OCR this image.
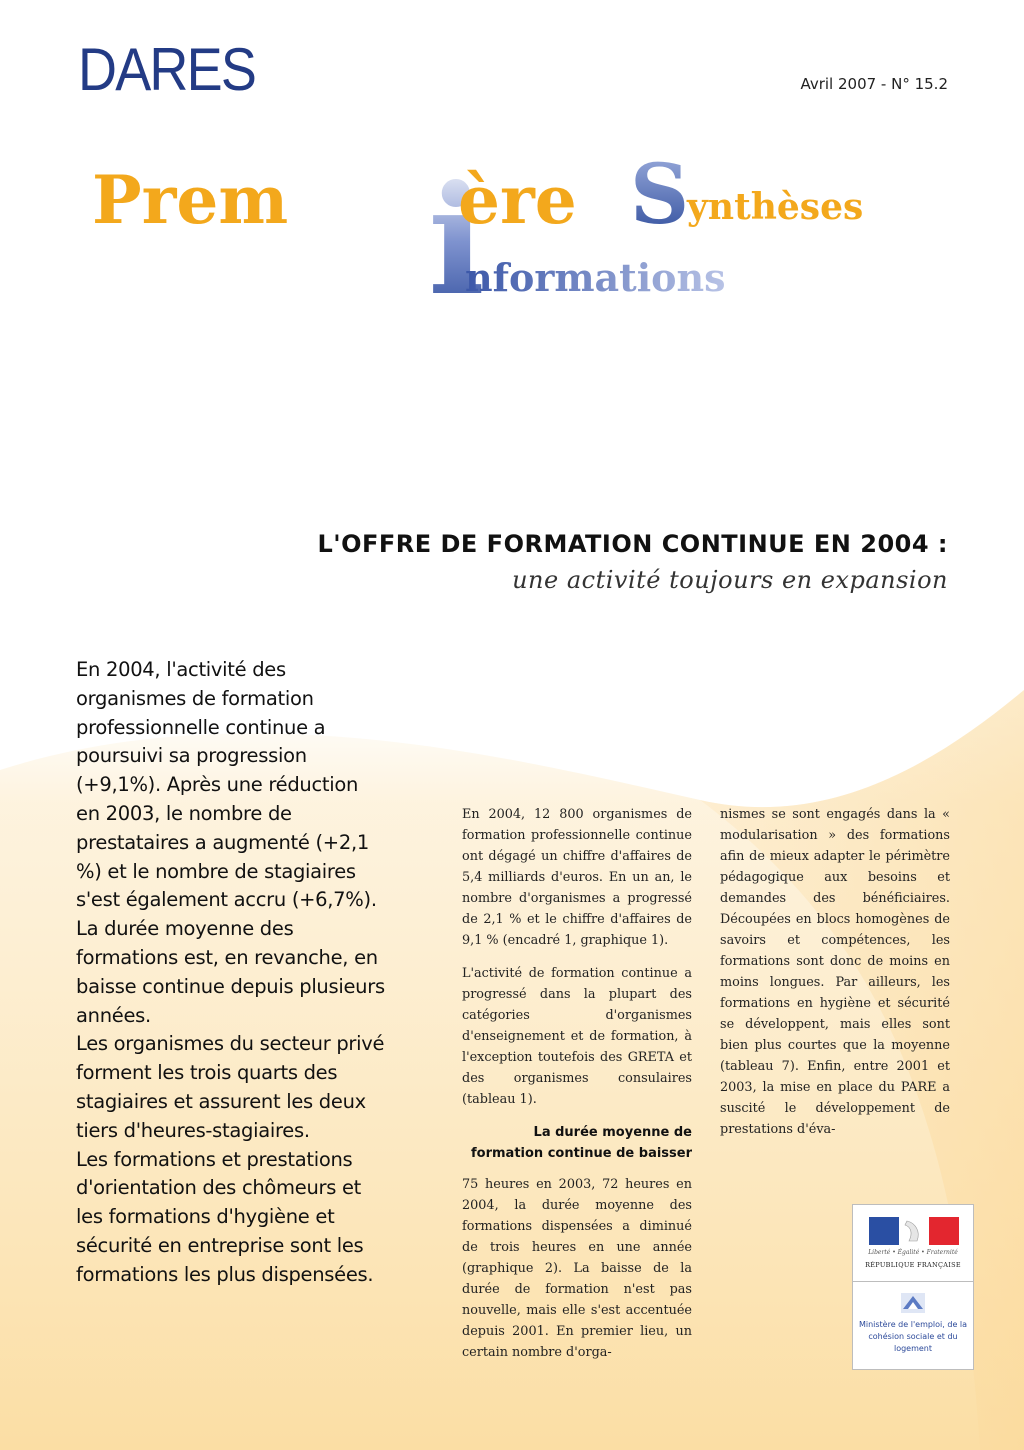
DARES	Avril 2007 - N° 15.2
Prem i
ère S
ynthèses
nformations
L'OFFRE DE FORMATION CONTINUE EN 2004 :
une activité toujours en expansion

En 2004, l'activité des organismes de formation professionnelle continue a poursuivi sa progression (+9,1%). Après une réduction en 2003, le nombre de prestataires a augmenté (+2,1 %) et le nombre de stagiaires s'est également accru (+6,7%).

La durée moyenne des formations est, en revanche, en baisse continue depuis plusieurs années.

Les organismes du secteur privé forment les trois quarts des stagiaires et assurent les deux tiers d'heures-stagiaires.

Les formations et prestations d'orientation des chômeurs et les formations d'hygiène et sécurité en entreprise sont les formations les plus dispensées.

En 2004, 12 800 organismes de formation professionnelle continue ont dégagé un chiffre d'affaires de 5,4 milliards d'euros. En un an, le nombre d'organismes a progressé de 2,1 % et le chiffre d'affaires de 9,1 % (encadré 1, graphique 1).

L'activité de formation continue a progressé dans la plupart des catégories d'organismes d'enseignement et de formation, à l'exception toutefois des GRETA et des organismes consulaires (tableau 1).

La durée moyenne de formation continue de baisser

75 heures en 2003, 72 heures en 2004, la durée moyenne des formations dispensées a diminué de trois heures en une année (graphique 2). La baisse de la durée de formation n'est pas nouvelle, mais elle s'est accentuée depuis 2001. En premier lieu, un certain nombre d'orga-

nismes se sont engagés dans la « modularisation » des formations afin de mieux adapter le périmètre pédagogique aux besoins et demandes des bénéficiaires. Découpées en blocs homogènes de savoirs et compétences, les formations sont donc de moins en moins longues. Par ailleurs, les formations en hygiène et sécurité se développent, mais elles sont bien plus courtes que la moyenne (tableau 7). Enfin, entre 2001 et 2003, la mise en place du PARE a suscité le développement de prestations d'éva-

Liberté • Égalité • Fraternité
RÉPUBLIQUE FRANÇAISE
Ministère de l'emploi, de la cohésion sociale et du logement
